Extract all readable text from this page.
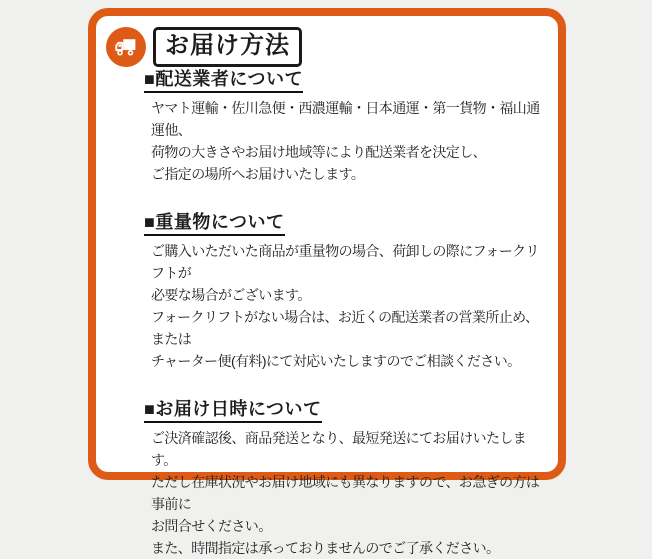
お届け方法
■配送業者について

ヤマト運輸・佐川急便・西濃運輸・日本通運・第一貨物・福山通運他、
荷物の大きさやお届け地域等により配送業者を決定し、
ご指定の場所へお届けいたします。

■重量物について

ご購入いただいた商品が重量物の場合、荷卸しの際にフォークリフトが
必要な場合がございます。
フォークリフトがない場合は、お近くの配送業者の営業所止め、または
チャーター便(有料)にて対応いたしますのでご相談ください。

■お届け日時について

ご決済確認後、商品発送となり、最短発送にてお届けいたします。
ただし在庫状況やお届け地域にも異なりますので、お急ぎの方は事前に
お問合せください。
また、時間指定は承っておりませんのでご了承ください。
